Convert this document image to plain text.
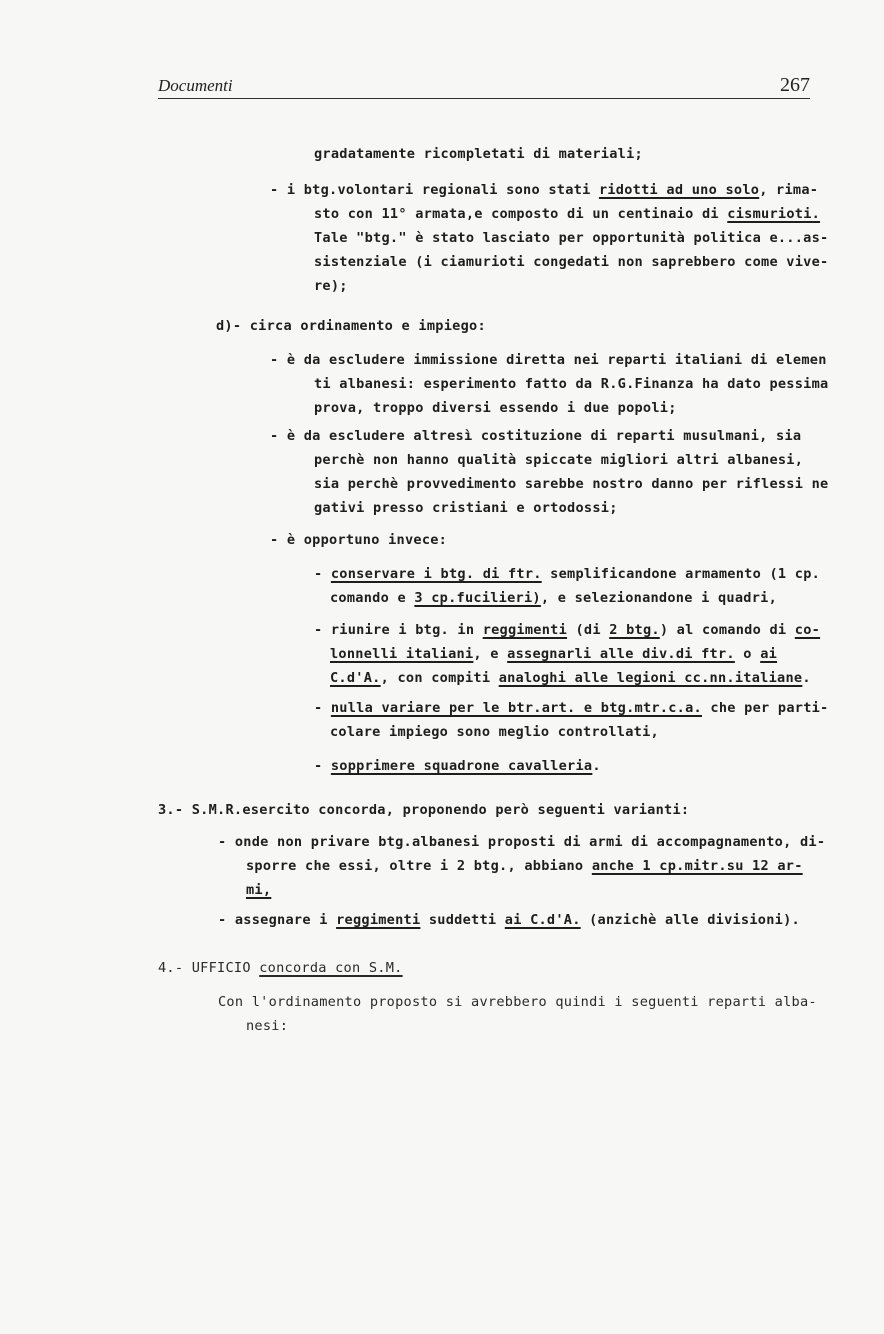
Documenti	267
gradatamente ricompletati di materiali;
- i btg.volontari regionali sono stati ridotti ad uno solo, rima-
sto con 11° armata,e composto di un centinaio di cismurioti.
Tale "btg." è stato lasciato per opportunità politica e...as-
sistenziale (i ciamurioti congedati non saprebbero come vive-
re);
d)- circa ordinamento e impiego:
- è da escludere immissione diretta nei reparti italiani di elemen
ti albanesi: esperimento fatto da R.G.Finanza ha dato pessima
prova, troppo diversi essendo i due popoli;
- è da escludere altresì costituzione di reparti musulmani, sia
perchè non hanno qualità spiccate migliori altri albanesi,
sia perchè provvedimento sarebbe nostro danno per riflessi ne
gativi presso cristiani e ortodossi;
- è opportuno invece:
- conservare i btg. di ftr. semplificandone armamento (1 cp.
comando e 3 cp.fucilieri), e selezionandone i quadri,
- riunire i btg. in reggimenti (di 2 btg.) al comando di co-
lonnelli italiani, e assegnarli alle div.di ftr. o ai
C.d'A., con compiti analoghi alle legioni cc.nn.italiane.
- nulla variare per le btr.art. e btg.mtr.c.a. che per parti-
colare impiego sono meglio controllati,
- sopprimere squadrone cavalleria.
3.- S.M.R.esercito concorda, proponendo però seguenti varianti:
- onde non privare btg.albanesi proposti di armi di accompagnamento, di-
sporre che essi, oltre i 2 btg., abbiano anche 1 cp.mitr.su 12 ar-
mi,
- assegnare i reggimenti suddetti ai C.d'A. (anzichè alle divisioni).
4.- UFFICIO concorda con S.M.
Con l'ordinamento proposto si avrebbero quindi i seguenti reparti alba-
nesi:
